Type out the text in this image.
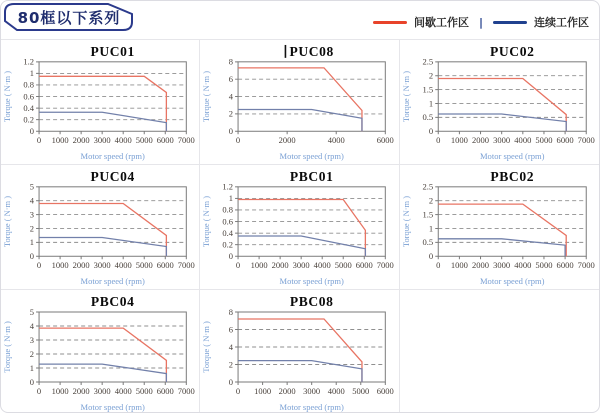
80框以下系列	间歇工作区 |	连续工作区
0 1000 2000 3000 4000 5000 6000 7000
0
0.2
0.4
0.6
0.8
1
1.2
Motor speed (rpm)
Torque ( N·m )
PUC01
0	2000	4000	6000
0
2
4
6
8
Motor speed (rpm)
Torque ( N·m )
PUC08
0 1000 2000 3000 4000 5000 6000 7000
0
0.5
1
1.5
2
2.5
Motor speed (rpm)
Torque ( N·m )
PUC02
0 1000 2000 3000 4000 5000 6000 7000
0
1
2
3
4
5
Motor speed (rpm)
Torque ( N·m )
PUC04
0 1000 2000 3000 4000 5000 6000 7000
0
0.2
0.4
0.6
0.8
1
1.2
Motor speed (rpm)
Torque ( N·m )
PBC01
0 1000 2000 3000 4000 5000 6000 7000
0
0.5
1
1.5
2
2.5
Motor speed (rpm)
Torque ( N·m )
PBC02
0 1000 2000 3000 4000 5000 6000 7000
0
1
2
3
4
5
Motor speed (rpm)
Torque ( N·m )
PBC04
0 1000 2000 3000 4000 5000 6000
0
2
4
6
8
Motor speed (rpm)
Torque ( N·m )
PBC08
